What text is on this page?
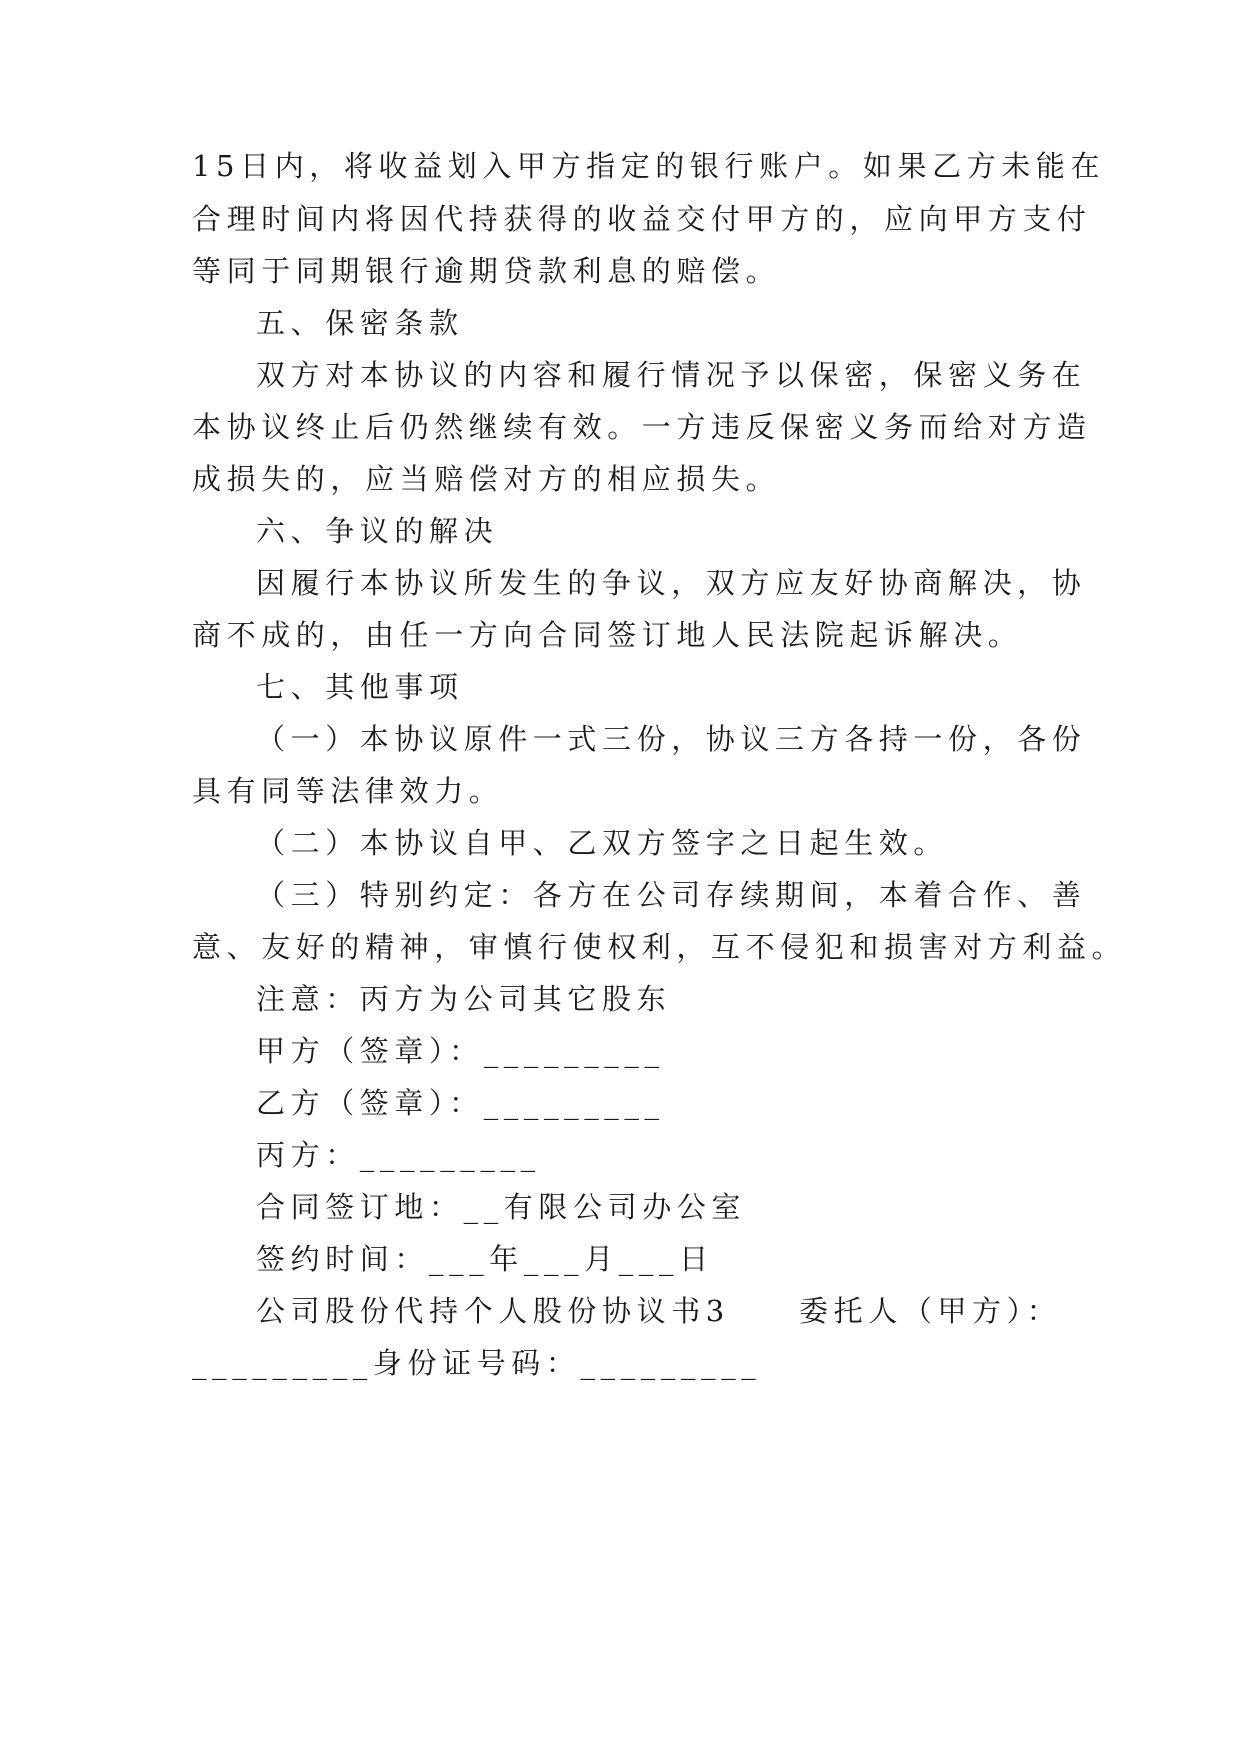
15日内，将收益划入甲方指定的银行账户。如果乙方未能在
合理时间内将因代持获得的收益交付甲方的，应向甲方支付
等同于同期银行逾期贷款利息的赔偿。
五、保密条款
双方对本协议的内容和履行情况予以保密，保密义务在
本协议终止后仍然继续有效。一方违反保密义务而给对方造
成损失的，应当赔偿对方的相应损失。
六、争议的解决
因履行本协议所发生的争议，双方应友好协商解决，协
商不成的，由任一方向合同签订地人民法院起诉解决。
七、其他事项
（一）本协议原件一式三份，协议三方各持一份，各份
具有同等法律效力。
（二）本协议自甲、乙双方签字之日起生效。
（三）特别约定：各方在公司存续期间，本着合作、善
意、友好的精神，审慎行使权利，互不侵犯和损害对方利益。
注意：丙方为公司其它股东
甲方（签章）：_________
乙方（签章）：_________
丙方：_________
合同签订地：__有限公司办公室
签约时间：___年___月___日
公司股份代持个人股份协议书3　　委托人（甲方）：
_________身份证号码：_________
